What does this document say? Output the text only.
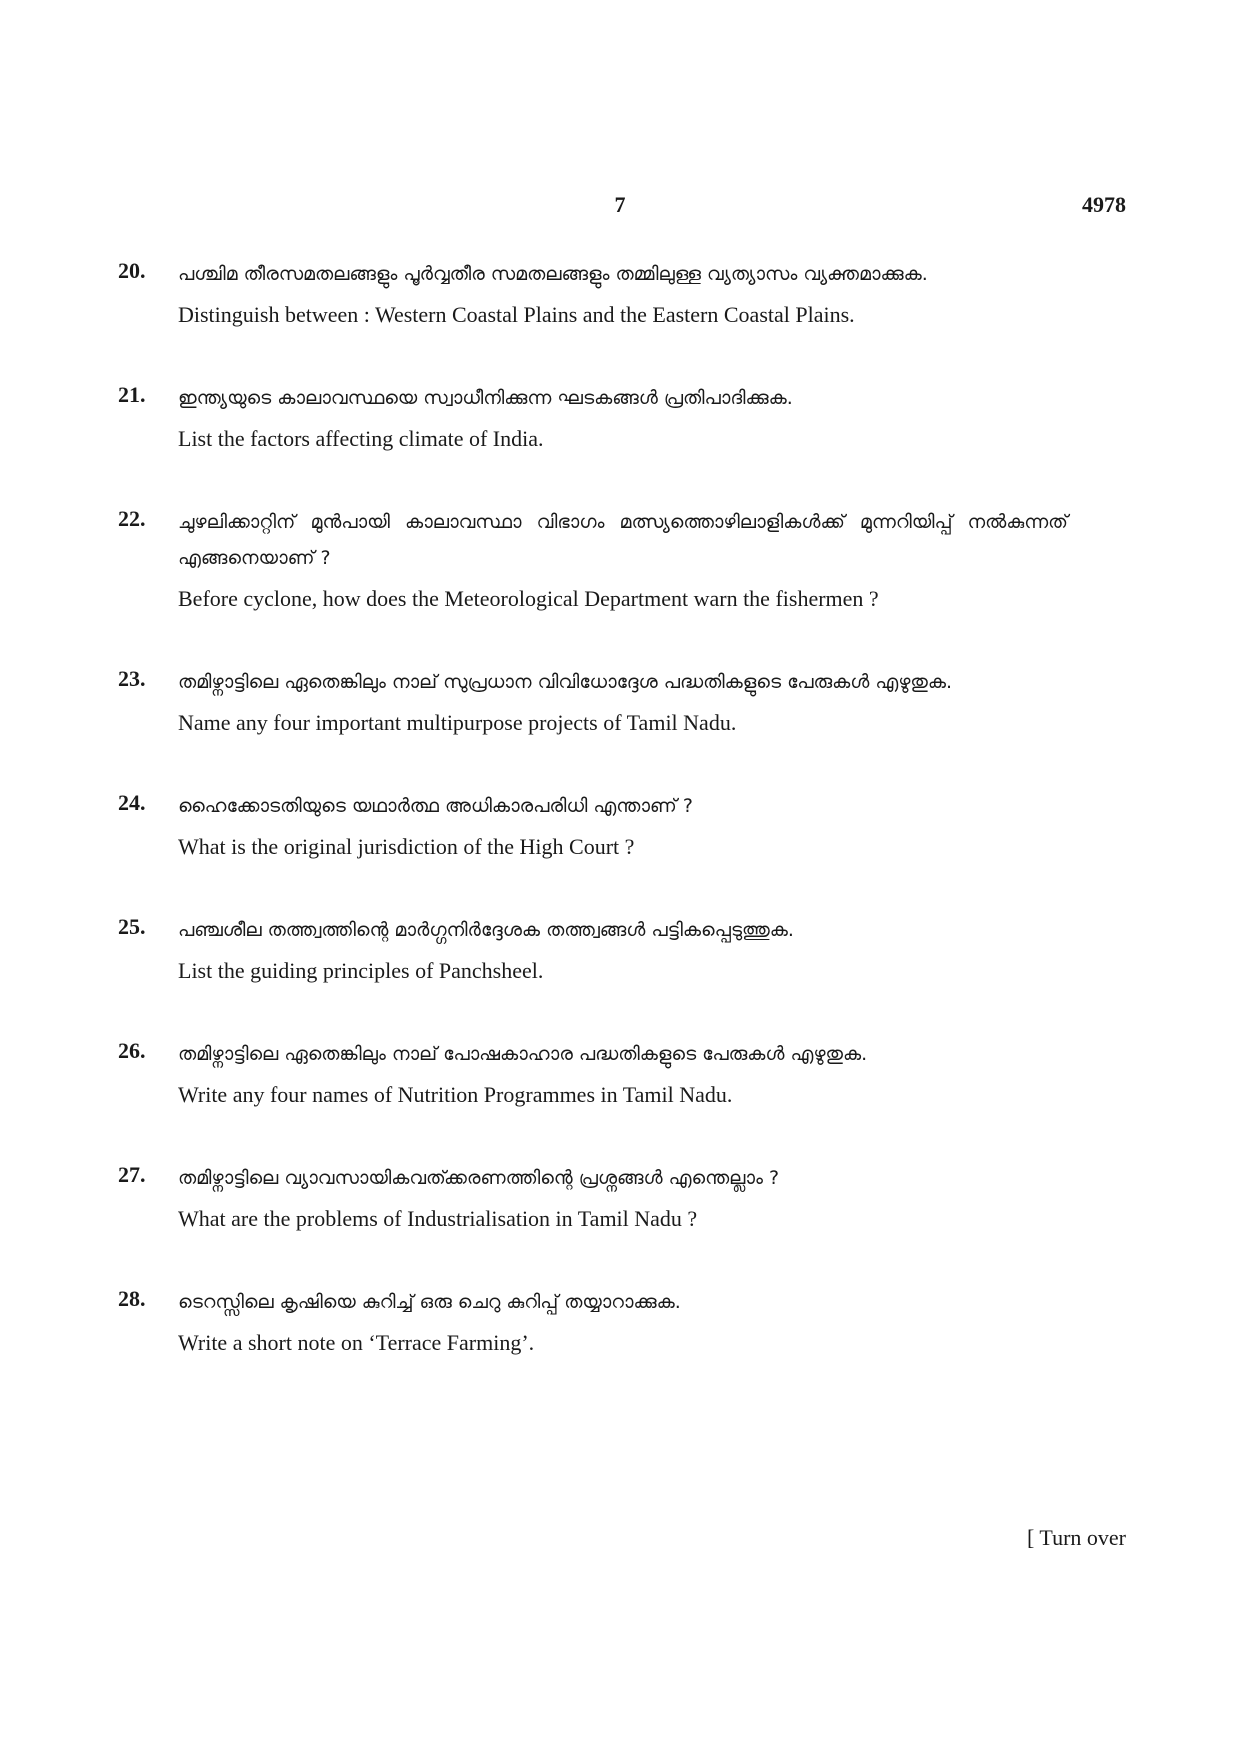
7	4978
20. പശ്ചിമ തീരസമതലങ്ങളും പൂർവ്വതീര സമതലങ്ങളും തമ്മിലുള്ള വ്യത്യാസം വ്യക്തമാക്കുക.

Distinguish between : Western Coastal Plains and the Eastern Coastal Plains.

21. ഇന്ത്യയുടെ കാലാവസ്ഥയെ സ്വാധീനിക്കുന്ന ഘടകങ്ങൾ പ്രതിപാദിക്കുക.

List the factors affecting climate of India.

22. ചുഴലിക്കാറ്റിന് മുൻപായി കാലാവസ്ഥാ വിഭാഗം മത്സ്യത്തൊഴിലാളികൾക്ക് മുന്നറിയിപ്പ് നൽകുന്നത് എങ്ങനെയാണ് ?

Before cyclone, how does the Meteorological Department warn the fishermen ?

23. തമിഴ്നാട്ടിലെ ഏതെങ്കിലും നാല് സുപ്രധാന വിവിധോദ്ദേശ പദ്ധതികളുടെ പേരുകൾ എഴുതുക.

Name any four important multipurpose projects of Tamil Nadu.

24. ഹൈക്കോടതിയുടെ യഥാർത്ഥ അധികാരപരിധി എന്താണ് ?

What is the original jurisdiction of the High Court ?

25. പഞ്ചശീല തത്ത്വത്തിന്റെ മാർഗ്ഗനിർദ്ദേശക തത്ത്വങ്ങൾ പട്ടികപ്പെടുത്തുക.

List the guiding principles of Panchsheel.

26. തമിഴ്നാട്ടിലെ ഏതെങ്കിലും നാല് പോഷകാഹാര പദ്ധതികളുടെ പേരുകൾ എഴുതുക.

Write any four names of Nutrition Programmes in Tamil Nadu.

27. തമിഴ്നാട്ടിലെ വ്യാവസായികവത്ക്കരണത്തിന്റെ പ്രശ്നങ്ങൾ എന്തെല്ലാം ?

What are the problems of Industrialisation in Tamil Nadu ?

28. ടെറസ്സിലെ കൃഷിയെ കുറിച്ച് ഒരു ചെറു കുറിപ്പ് തയ്യാറാക്കുക.

Write a short note on ‘Terrace Farming’.

[ Turn over
